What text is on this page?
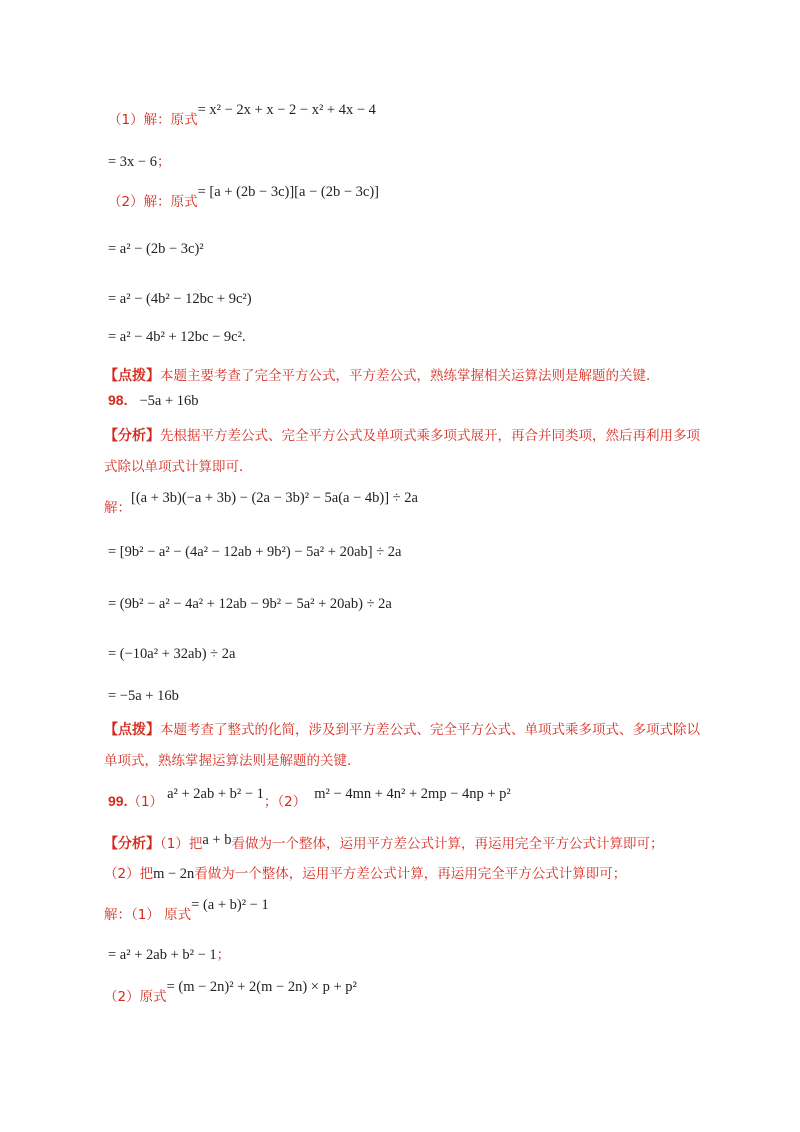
$_{(1)解:原式}$= x² − 2x + x − 2 − x² + 4x − 4
= 3x − 6；
$_{(2)解:原式}$= [a + (2b − 3c)][a − (2b − 3c)]
= a² − (2b − 3c)²
= a² − (4b² − 12bc + 9c²)
= a² − 4b² + 12bc − 9c².
【点拨】本题主要考查了完全平方公式，平方差公式，熟练掌握相关运算法则是解题的关键．
98. −5a + 16b
【分析】先根据平方差公式、完全平方公式及单项式乘多项式展开，再合并同类项，然后再利用多项
式除以单项式计算即可．
$_{解:}$[(a + 3b)(−a + 3b) − (2a − 3b)² − 5a(a − 4b)] ÷ 2a
= [9b² − a² − (4a² − 12ab + 9b²) − 5a² + 20ab] ÷ 2a
= (9b² − a² − 4a² + 12ab − 9b² − 5a² + 20ab) ÷ 2a
= (−10a² + 32ab) ÷ 2a
= −5a + 16b
【点拨】本题考查了整式的化简，涉及到平方差公式、完全平方公式、单项式乘多项式、多项式除以
单项式，熟练掌握运算法则是解题的关键．
$99._{(1)}$ $a^2 + 2ab + b^2 - 1_{;(2)}$ m² − 4mn + 4n² + 2mp − 4np + p²
【分析】（1）把a + b看做为一个整体，运用平方差公式计算，再运用完全平方公式计算即可；
（2）把m − 2n看做为一个整体，运用平方差公式计算，再运用完全平方公式计算即可；
$_{解:(1) 原式}$= (a + b)² − 1
= a² + 2ab + b² − 1；
$_{(2)原式}$= (m − 2n)² + 2(m − 2n) × p + p²
